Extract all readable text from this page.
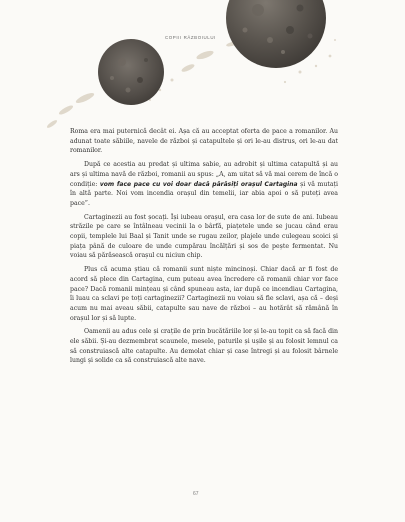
COPIII RĂZBOIULUI

Roma era mai puternică decât ei. Așa că au acceptat oferta de pace a romanilor. Au adunat toate săbiile, navele de război și catapultele și ori le-au distrus, ori le-au dat romanilor.

După ce acestia au predat și ultima sabie, au adrobit și ultima catapultă și au ars și ultima navă de război, romanii au spus: „A, am uitat să vă mai cerem de încă o condiție: vom face pace cu voi doar dacă părăsiți orașul Cartagina și vă mutați în altă parte. Noi vom incendia orașul din temelii, iar abia apoi o să puteți avea pace”.

Cartaginezii au fost șocați. Își iubeau orașul, era casa lor de sute de ani. Iubeau străzile pe care se întâlneau vecinii la o bârfă, piațetele unde se jucau când erau copii, templele lui Baal și Tanit unde se rugau zeilor, plajele unde culegeau scoici și piața până de culoare de unde cumpărau încălțări și sos de pește fermentat. Nu voiau să părăsească orașul cu niciun chip.

Plus că acuma știau că romanii sunt niște mincinoși. Chiar dacă ar fi fost de acord să plece din Cartagina, cum puteau avea încredere că romanii chiar vor face pace? Dacă romanii mințeau și când spuneau asta, iar după ce incendiau Cartagina, îi luau ca sclavi pe toți cartaginezii? Cartaginezii nu voiau să fie sclavi, așa că – deși acum nu mai aveau săbii, catapulte sau nave de război – au hotărât să rămână în orașul lor și să lupte.

Oamenii au adus cele și crațile de prin bucătăriile lor și le-au topit ca să facă din ele săbii. Și-au dezmembrat scaunele, mesele, paturile și ușile și au folosit lemnul ca să construiască alte catapulte. Au demolat chiar și case întregi și au folosit bârnele lungi și solide ca să construiască alte nave.

67
